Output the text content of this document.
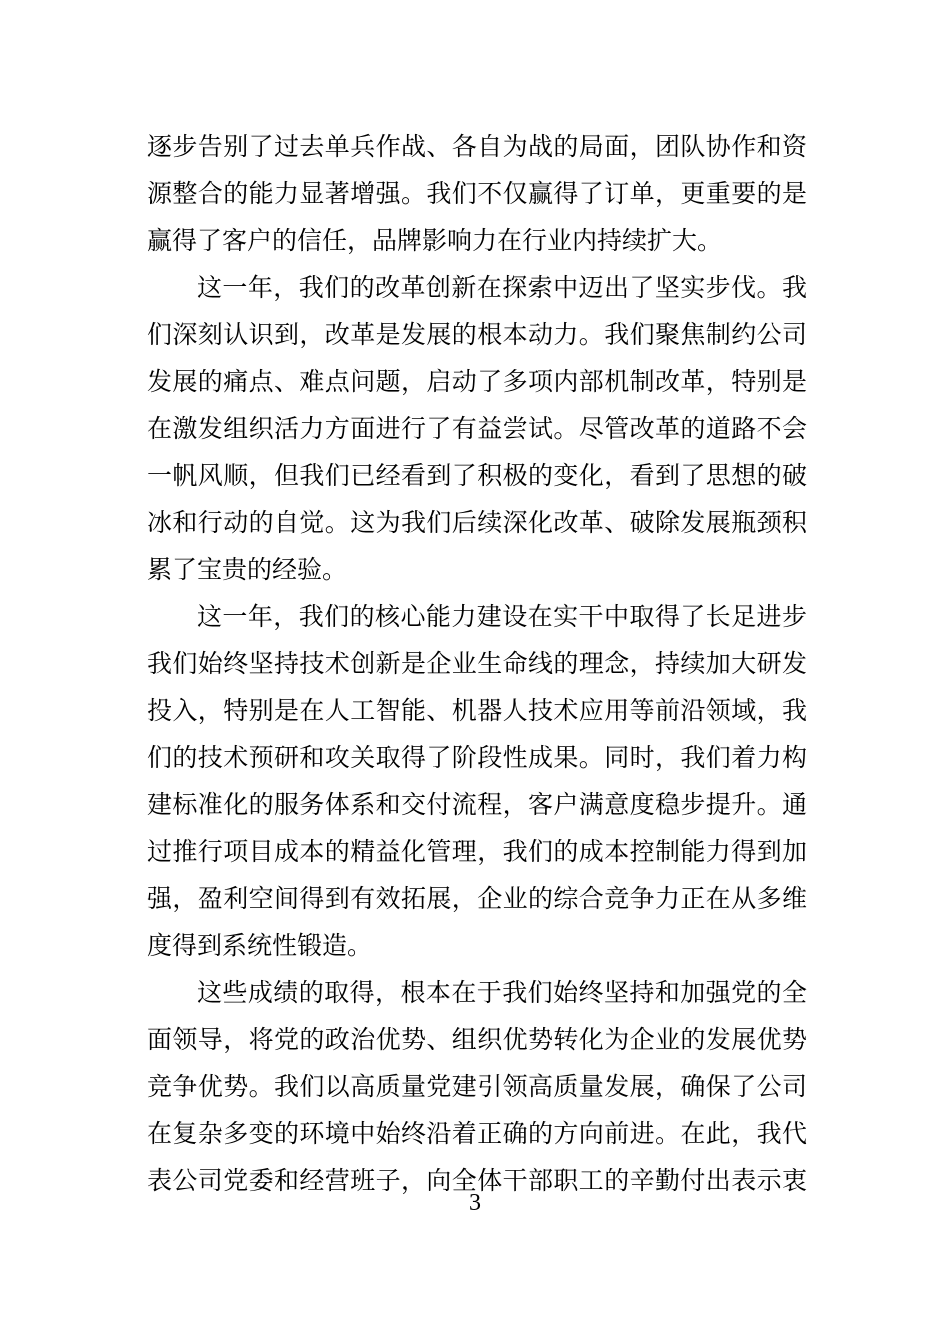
逐步告别了过去单兵作战、各自为战的局面，团队协作和资
源整合的能力显著增强。我们不仅赢得了订单，更重要的是
赢得了客户的信任，品牌影响力在行业内持续扩大。
这一年，我们的改革创新在探索中迈出了坚实步伐。我
们深刻认识到，改革是发展的根本动力。我们聚焦制约公司
发展的痛点、难点问题，启动了多项内部机制改革，特别是
在激发组织活力方面进行了有益尝试。尽管改革的道路不会
一帆风顺，但我们已经看到了积极的变化，看到了思想的破
冰和行动的自觉。这为我们后续深化改革、破除发展瓶颈积
累了宝贵的经验。
这一年，我们的核心能力建设在实干中取得了长足进步
我们始终坚持技术创新是企业生命线的理念，持续加大研发
投入，特别是在人工智能、机器人技术应用等前沿领域，我
们的技术预研和攻关取得了阶段性成果。同时，我们着力构
建标准化的服务体系和交付流程，客户满意度稳步提升。通
过推行项目成本的精益化管理，我们的成本控制能力得到加
强，盈利空间得到有效拓展，企业的综合竞争力正在从多维
度得到系统性锻造。
这些成绩的取得，根本在于我们始终坚持和加强党的全
面领导，将党的政治优势、组织优势转化为企业的发展优势
竞争优势。我们以高质量党建引领高质量发展，确保了公司
在复杂多变的环境中始终沿着正确的方向前进。在此，我代
表公司党委和经营班子，向全体干部职工的辛勤付出表示衷
3
